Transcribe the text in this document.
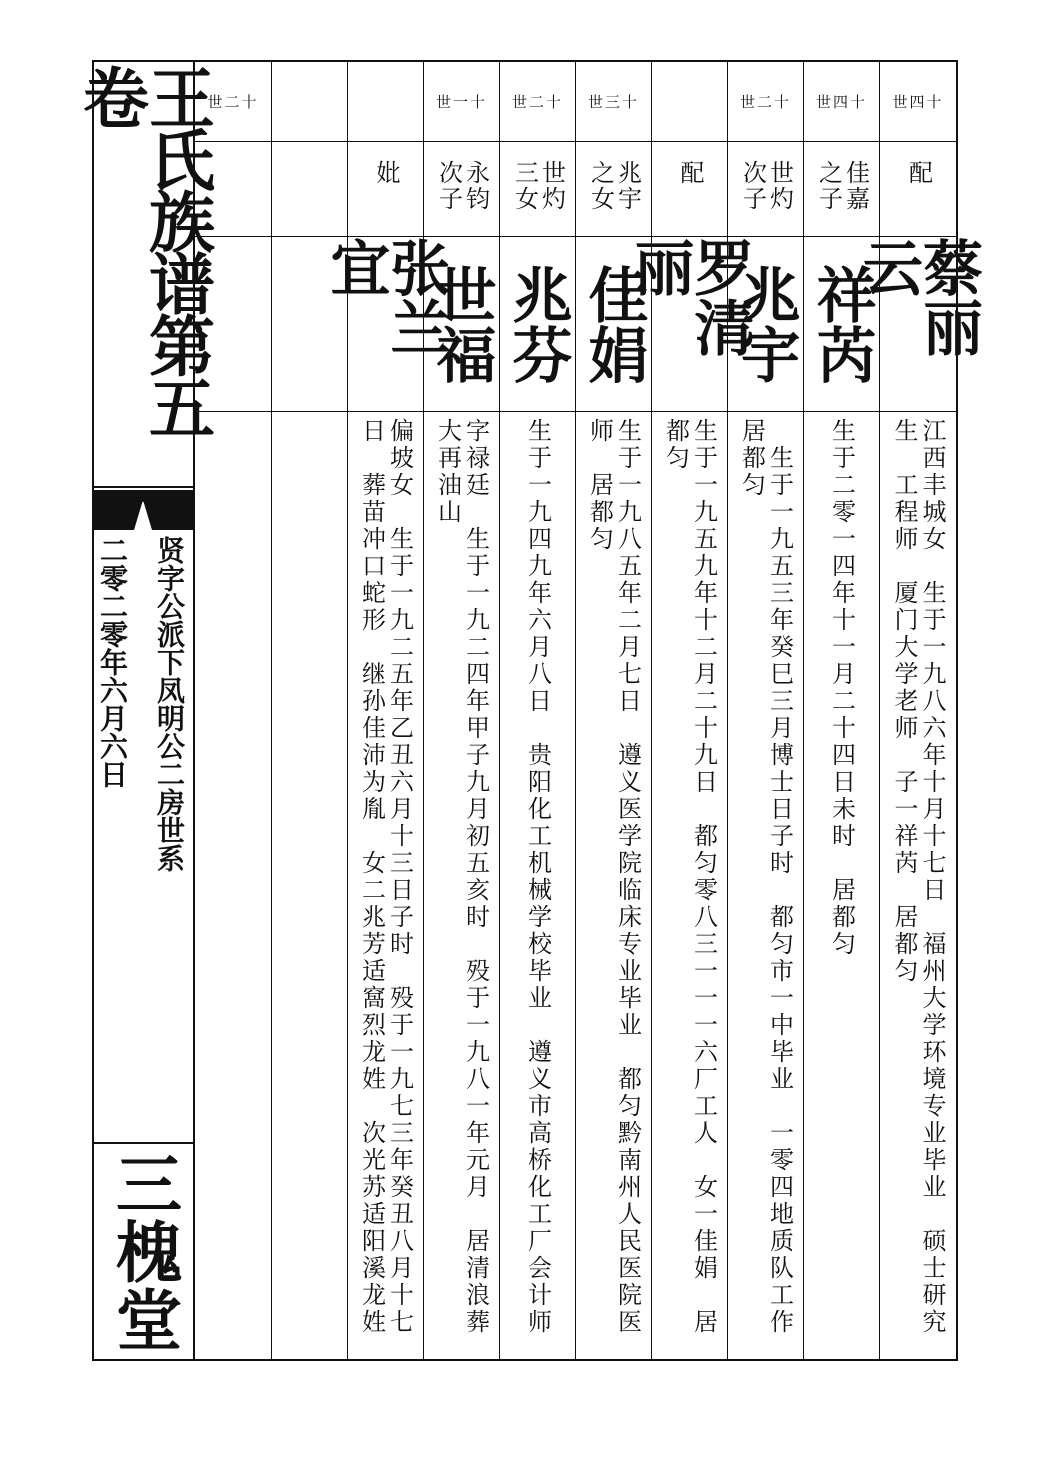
王氏族谱第五卷
贤字公派下凤明公二房世系
二零二零年六月六日
三槐堂
世四十
配
蔡丽云
江西丰城女　生于一九八六年十月十七日　福州大学环境专业毕业　硕士研究生　工程师　厦门大学老师　子一祥芮　居都匀
世四十
佳嘉之子
祥芮
生于二零一四年十一月二十四日未时　居都匀
世二十
世灼次子
兆宇
　生于一九五三年癸巳三月博士日子时　都匀市一中毕业　一零四地质队工作居都匀
配
罗清丽
生于一九五九年十二月二十九日　都匀零八三一一一六厂工人　女一佳娟　居都匀
世三十
兆宇之女
佳娟
生于一九八五年二月七日　遵义医学院临床专业毕业　都匀黔南州人民医院医师　居都匀
世二十
世灼三女
兆芬
生于一九四九年六月八日　贵阳化工机械学校毕业　遵义市高桥化工厂会计师
世一十
永钧次子
世福
字禄廷　生于一九二四年甲子九月初五亥时　殁于一九八一年元月　居清浪葬大再油山
妣
张兰宜
偏坡女　生于一九二五年乙丑六月十三日子时　殁于一九七三年癸丑八月十七日　葬苗冲口蛇形　继孙佳沛为胤　女二兆芳适窩烈龙姓　次光苏适阳溪龙姓
世二十
